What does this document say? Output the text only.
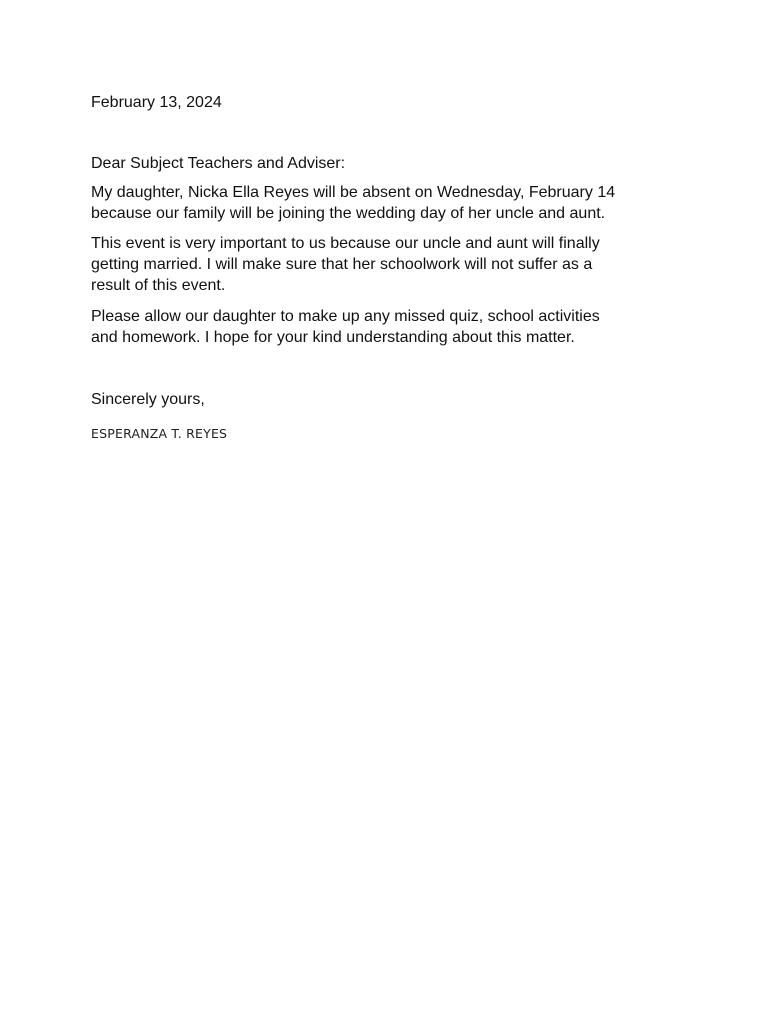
February 13, 2024
Dear Subject Teachers and Adviser:
My daughter, Nicka Ella Reyes will be absent on Wednesday, February 14
because our family will be joining the wedding day of her uncle and aunt.
This event is very important to us because our uncle and aunt will finally
getting married. I will make sure that her schoolwork will not suffer as a
result of this event.
Please allow our daughter to make up any missed quiz, school activities
and homework. I hope for your kind understanding about this matter.
Sincerely yours,
ESPERANZA T. REYES
